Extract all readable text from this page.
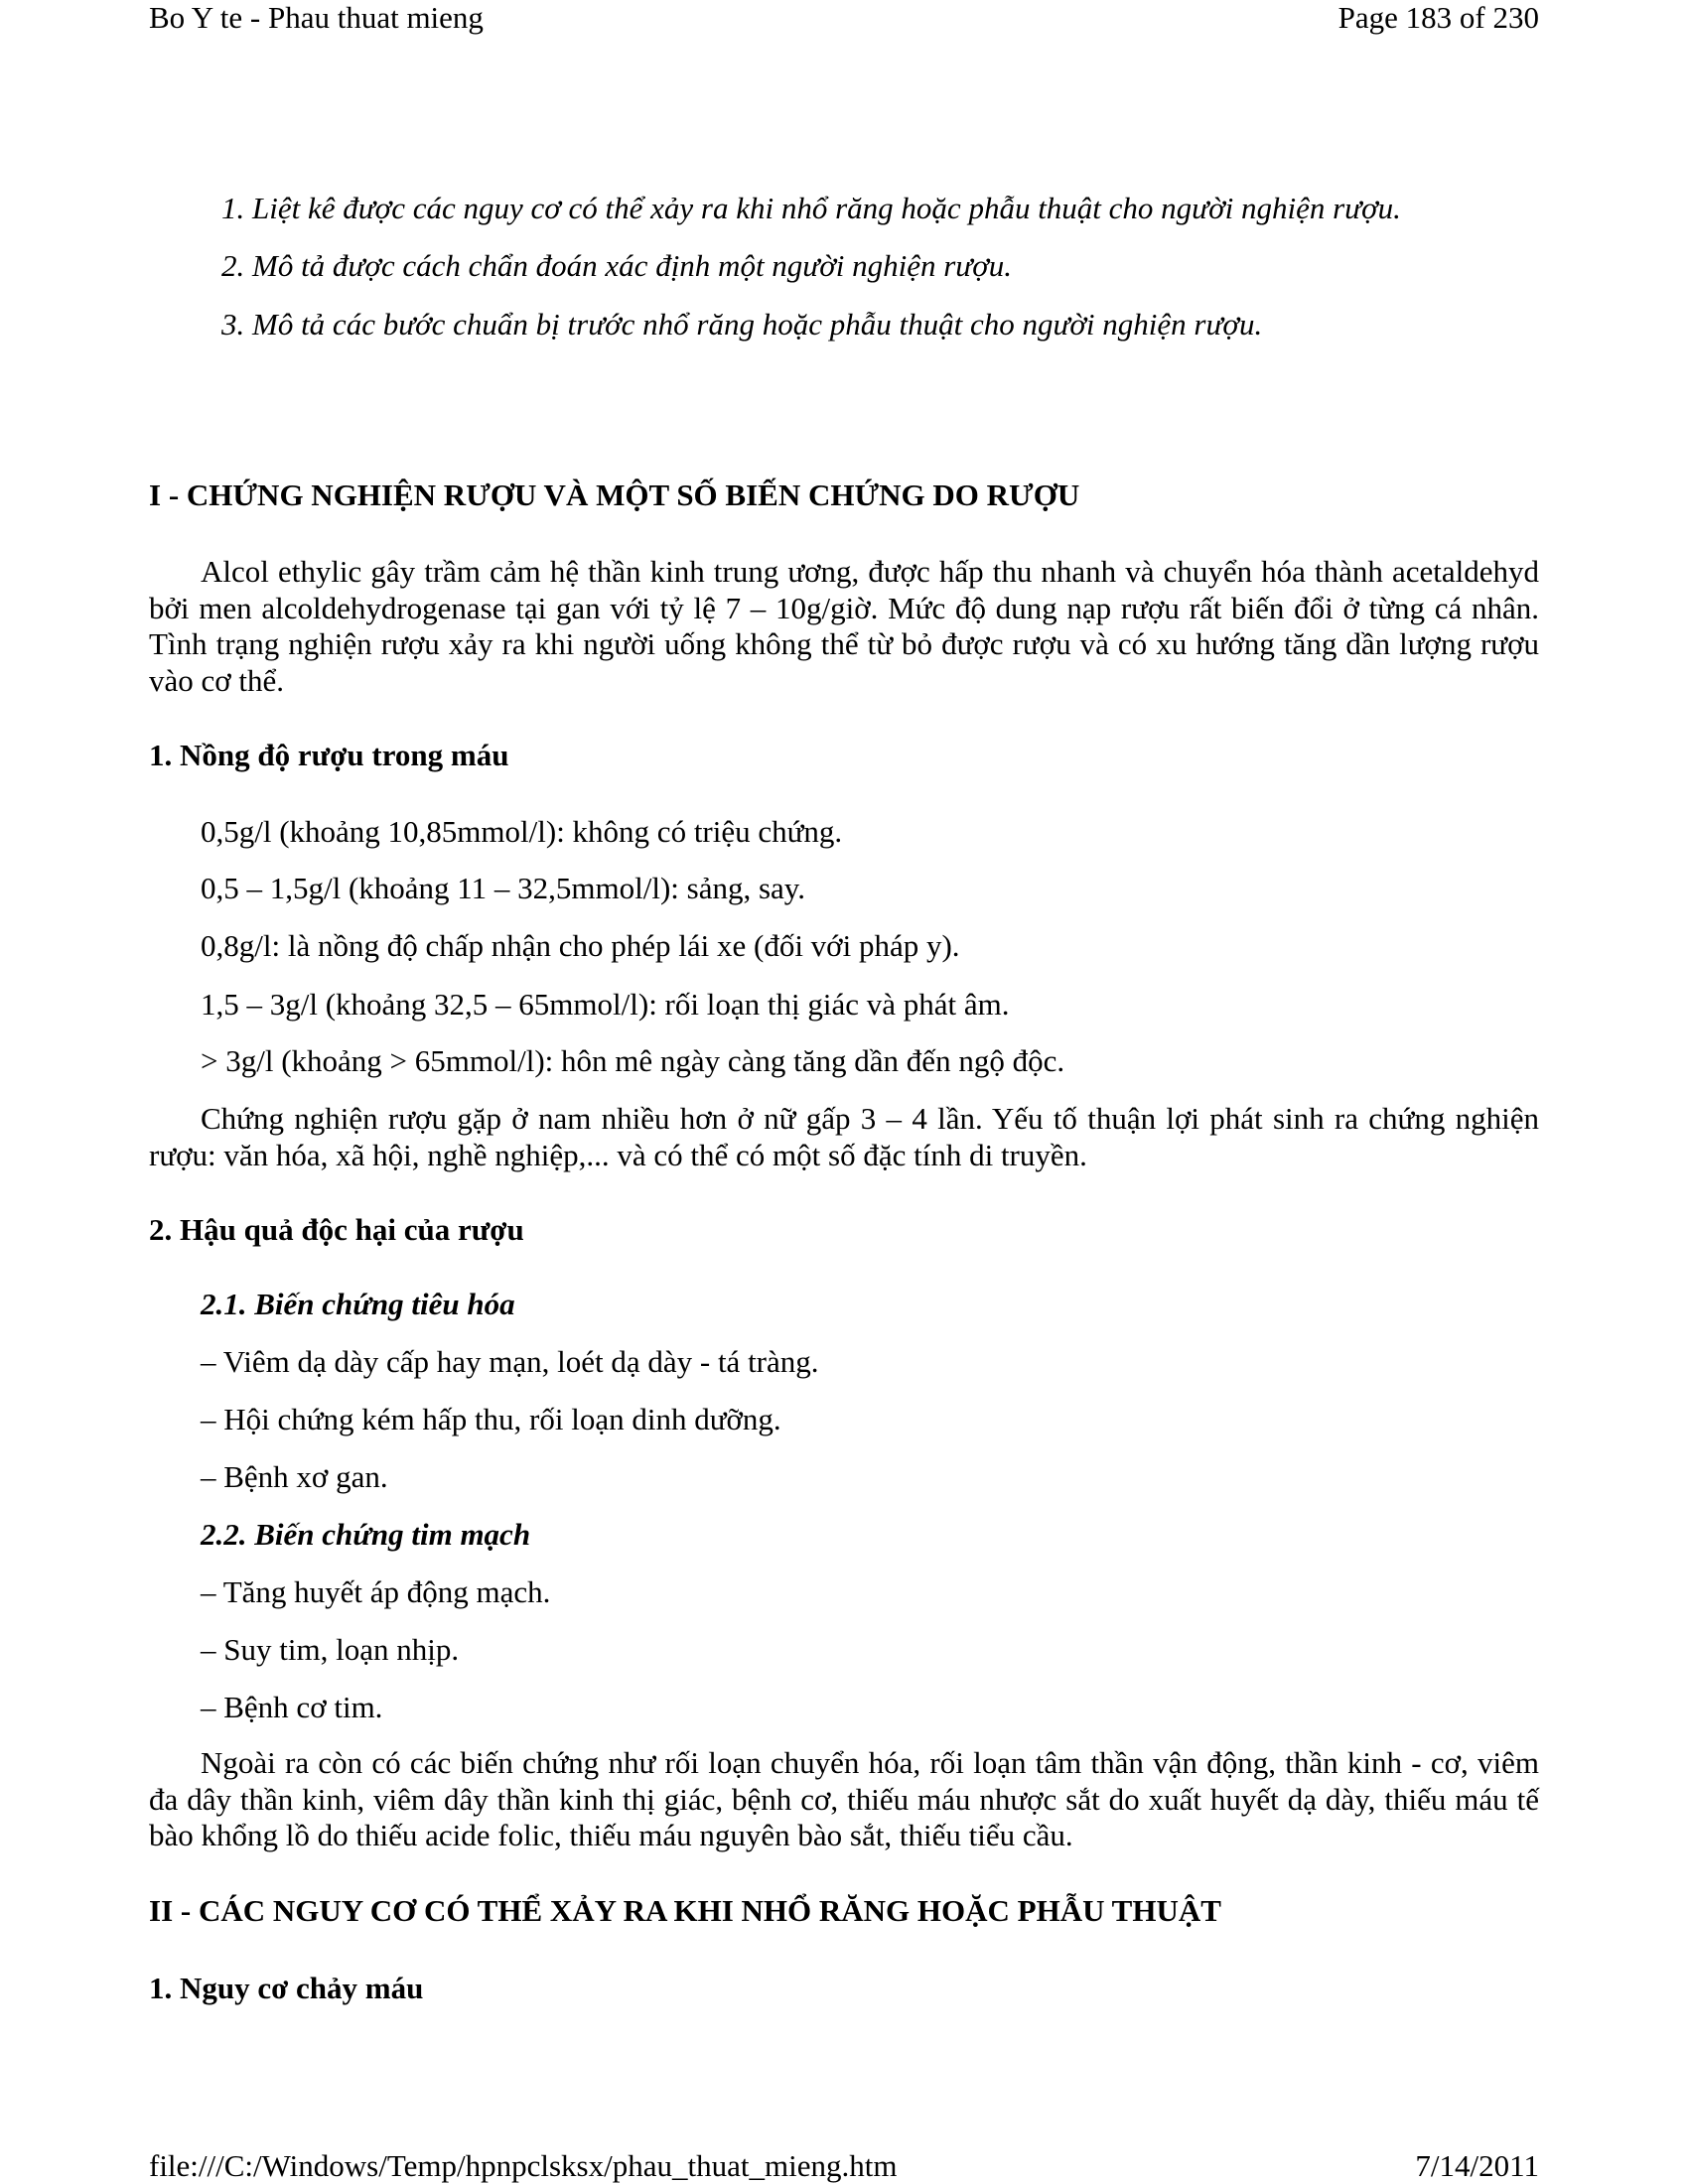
Bo Y te - Phau thuat mieng	Page 183 of 230
1. Liệt kê được các nguy cơ có thể xảy ra khi nhổ răng hoặc phẫu thuật cho người nghiện rượu.
2. Mô tả được cách chẩn đoán xác định một người nghiện rượu.
3. Mô tả các bước chuẩn bị trước nhổ răng hoặc phẫu thuật cho người nghiện rượu.
I - CHỨNG NGHIỆN RƯỢU VÀ MỘT SỐ BIẾN CHỨNG DO RƯỢU

Alcol ethylic gây trầm cảm hệ thần kinh trung ương, được hấp thu nhanh và chuyển hóa thành acetaldehyd bởi men alcoldehydrogenase tại gan với tỷ lệ 7 – 10g/giờ. Mức độ dung nạp rượu rất biến đổi ở từng cá nhân. Tình trạng nghiện rượu xảy ra khi người uống không thể từ bỏ được rượu và có xu hướng tăng dần lượng rượu vào cơ thể.

1. Nồng độ rượu trong máu
0,5g/l (khoảng 10,85mmol/l): không có triệu chứng.
0,5 – 1,5g/l (khoảng 11 – 32,5mmol/l): sảng, say.
0,8g/l: là nồng độ chấp nhận cho phép lái xe (đối với pháp y).
1,5 – 3g/l (khoảng 32,5 – 65mmol/l): rối loạn thị giác và phát âm.
> 3g/l (khoảng > 65mmol/l): hôn mê ngày càng tăng dần đến ngộ độc.

Chứng nghiện rượu gặp ở nam nhiều hơn ở nữ gấp 3 – 4 lần. Yếu tố thuận lợi phát sinh ra chứng nghiện rượu: văn hóa, xã hội, nghề nghiệp,... và có thể có một số đặc tính di truyền.

2. Hậu quả độc hại của rượu
2.1. Biến chứng tiêu hóa
– Viêm dạ dày cấp hay mạn, loét dạ dày - tá tràng.
– Hội chứng kém hấp thu, rối loạn dinh dưỡng.
– Bệnh xơ gan.
2.2. Biến chứng tim mạch
– Tăng huyết áp động mạch.
– Suy tim, loạn nhịp.
– Bệnh cơ tim.

Ngoài ra còn có các biến chứng như rối loạn chuyển hóa, rối loạn tâm thần vận động, thần kinh - cơ, viêm đa dây thần kinh, viêm dây thần kinh thị giác, bệnh cơ, thiếu máu nhược sắt do xuất huyết dạ dày, thiếu máu tế bào khổng lồ do thiếu acide folic, thiếu máu nguyên bào sắt, thiếu tiểu cầu.

II - CÁC NGUY CƠ CÓ THỂ XẢY RA KHI NHỔ RĂNG HOẶC PHẪU THUẬT
1. Nguy cơ chảy máu
file:///C:/Windows/Temp/hpnpclsksx/phau_thuat_mieng.htm	7/14/2011
